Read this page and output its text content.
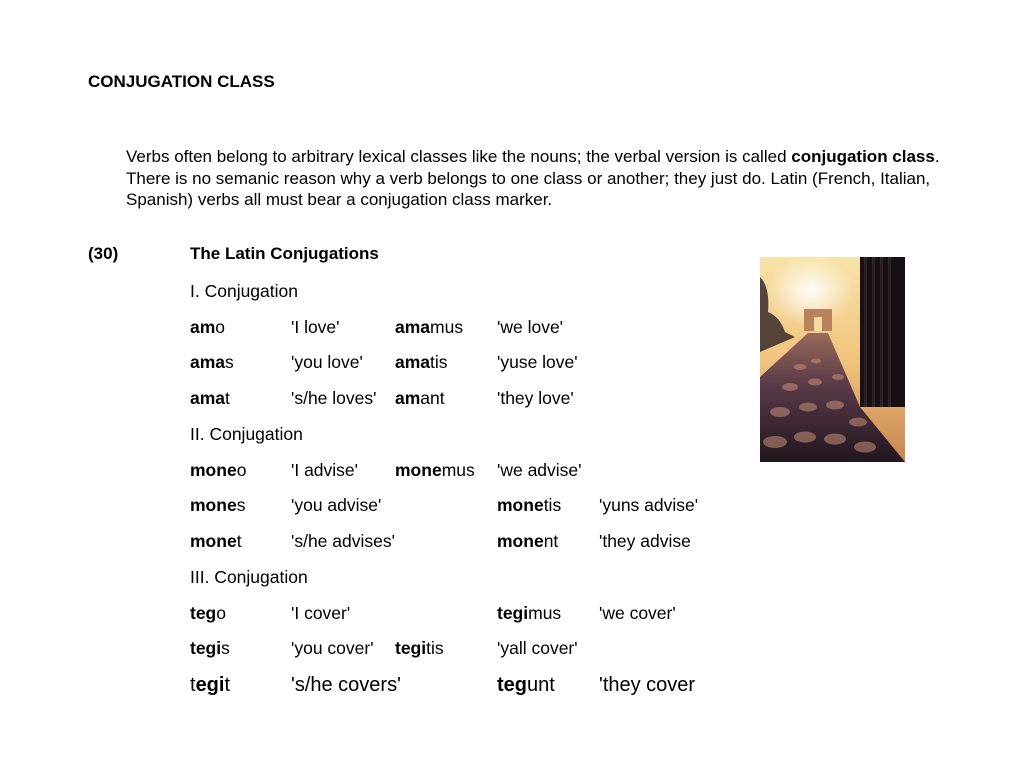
CONJUGATION CLASS
Verbs often belong to arbitrary lexical classes like the nouns; the verbal version is called conjugation class. There is no semanic reason why a verb belongs to one class or another; they just do. Latin (French, Italian, Spanish) verbs all must bear a conjugation class marker.
(30)	The Latin Conjugations
I. Conjugation
amo	'I love'	amamus 'we love'
amas	'you love' amatis	'yuse love'
amat	's/he loves' amant	'they love'
II. Conjugation
moneo	'I advise' monemus 'we advise'
mones	'you advise'	monetis 'yuns advise'
monet	's/he advises'	monent 'they advise
III. Conjugation
tego	'I cover'	tegimus 'we cover'
tegis	'you cover' tegitis	'yall cover'
tegit	's/he covers'	tegunt 'they cover
